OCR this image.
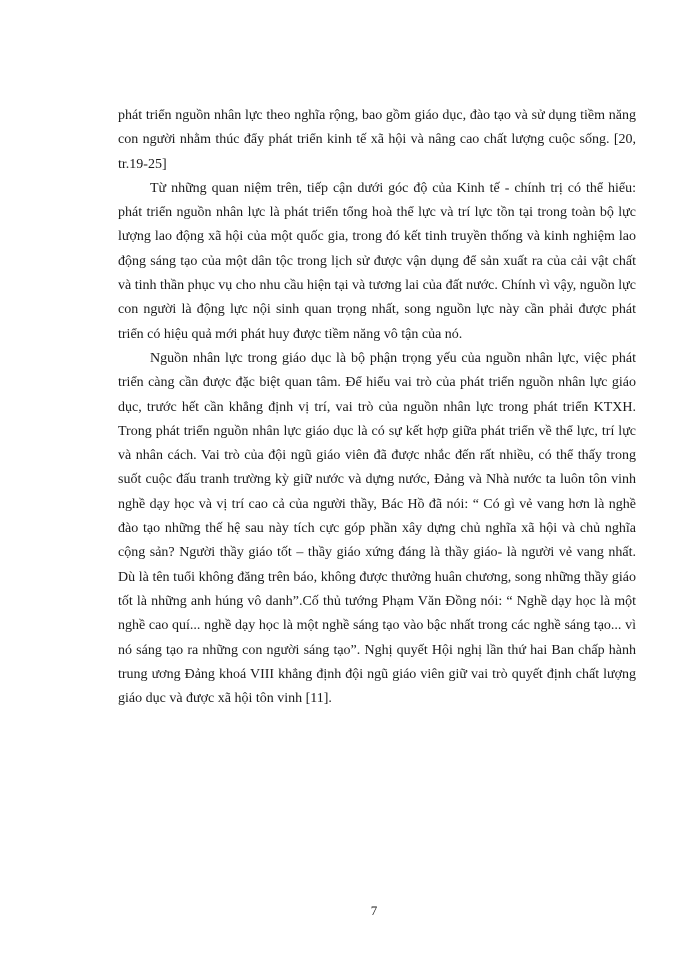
phát triển nguồn nhân lực theo nghĩa rộng, bao gồm giáo dục, đào tạo và sử dụng tiềm năng con người nhằm thúc đẩy phát triển kinh tế xã hội và nâng cao chất lượng cuộc sống. [20, tr.19-25]

Từ những quan niệm trên, tiếp cận dưới góc độ của Kinh tế - chính trị có thể hiểu: phát triển nguồn nhân lực là phát triển tổng hoà thể lực và trí lực tồn tại trong toàn bộ lực lượng lao động xã hội của một quốc gia, trong đó kết tinh truyền thống và kinh nghiệm lao động sáng tạo của một dân tộc trong lịch sử được vận dụng để sản xuất ra của cải vật chất và tinh thần phục vụ cho nhu cầu hiện tại và tương lai của đất nước. Chính vì vậy, nguồn lực con người là động lực nội sinh quan trọng nhất, song nguồn lực này cần phải được phát triển có hiệu quả mới phát huy được tiềm năng vô tận của nó.

Nguồn nhân lực trong giáo dục là bộ phận trọng yếu của nguồn nhân lực, việc phát triển càng cần được đặc biệt quan tâm. Để hiểu vai trò của phát triển nguồn nhân lực giáo dục, trước hết cần khẳng định vị trí, vai trò của nguồn nhân lực trong phát triển KTXH. Trong phát triển nguồn nhân lực giáo dục là có sự kết hợp giữa phát triển về thể lực, trí lực và nhân cách. Vai trò của đội ngũ giáo viên đã được nhắc đến rất nhiều, có thể thấy trong suốt cuộc đấu tranh trường kỳ giữ nước và dựng nước, Đảng và Nhà nước ta luôn tôn vinh nghề dạy học và vị trí cao cả của người thầy, Bác Hồ đã nói: “ Có gì vẻ vang hơn là nghề đào tạo những thế hệ sau này tích cực góp phần xây dựng chủ nghĩa xã hội và chủ nghĩa cộng sản? Người thầy giáo tốt – thầy giáo xứng đáng là thầy giáo- là người vẻ vang nhất. Dù là tên tuổi không đăng trên báo, không được thưởng huân chương, song những thầy giáo tốt là những anh húng vô danh”.Cố thủ tướng Phạm Văn Đồng nói: “ Nghề dạy học là một nghề cao quí... nghề dạy học là một nghề sáng tạo vào bậc nhất trong các nghề sáng tạo... vì nó sáng tạo ra những con người sáng tạo”. Nghị quyết Hội nghị lần thứ hai Ban chấp hành trung ương Đảng khoá VIII khẳng định đội ngũ giáo viên giữ vai trò quyết định chất lượng giáo dục và được xã hội tôn vinh [11].

7
